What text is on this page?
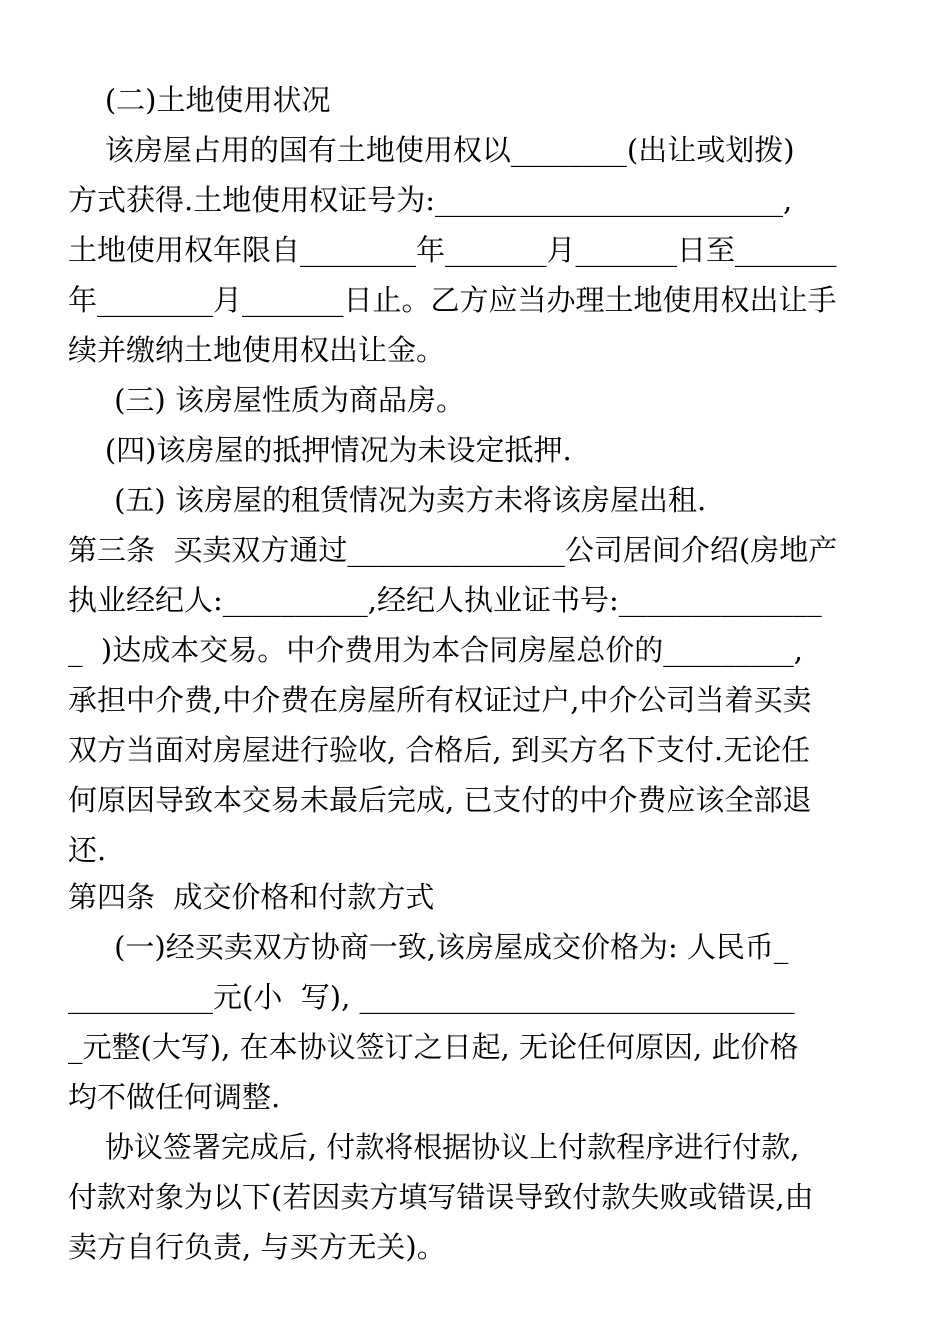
(二)土地使用状况
该房屋占用的国有土地使用权以________(出让或划拨)
方式获得.土地使用权证号为:________________________,
土地使用权年限自________年_______月_______日至_______
年________月_______日止。乙方应当办理土地使用权出让手
续并缴纳土地使用权出让金。
(三) 该房屋性质为商品房。
(四)该房屋的抵押情况为未设定抵押.
(五) 该房屋的租赁情况为卖方未将该房屋出租.
第三条  买卖双方通过_______________公司居间介绍(房地产
执业经纪人:__________,经纪人执业证书号:______________
_  )达成本交易。中介费用为本合同房屋总价的_________,
承担中介费,中介费在房屋所有权证过户,中介公司当着买卖
双方当面对房屋进行验收, 合格后, 到买方名下支付.无论任
何原因导致本交易未最后完成, 已支付的中介费应该全部退
还.
第四条  成交价格和付款方式
(一)经买卖双方协商一致,该房屋成交价格为: 人民币_
__________元(小  写), ______________________________
_元整(大写), 在本协议签订之日起, 无论任何原因, 此价格
均不做任何调整.
协议签署完成后, 付款将根据协议上付款程序进行付款,
付款对象为以下(若因卖方填写错误导致付款失败或错误,由
卖方自行负责, 与买方无关)。
